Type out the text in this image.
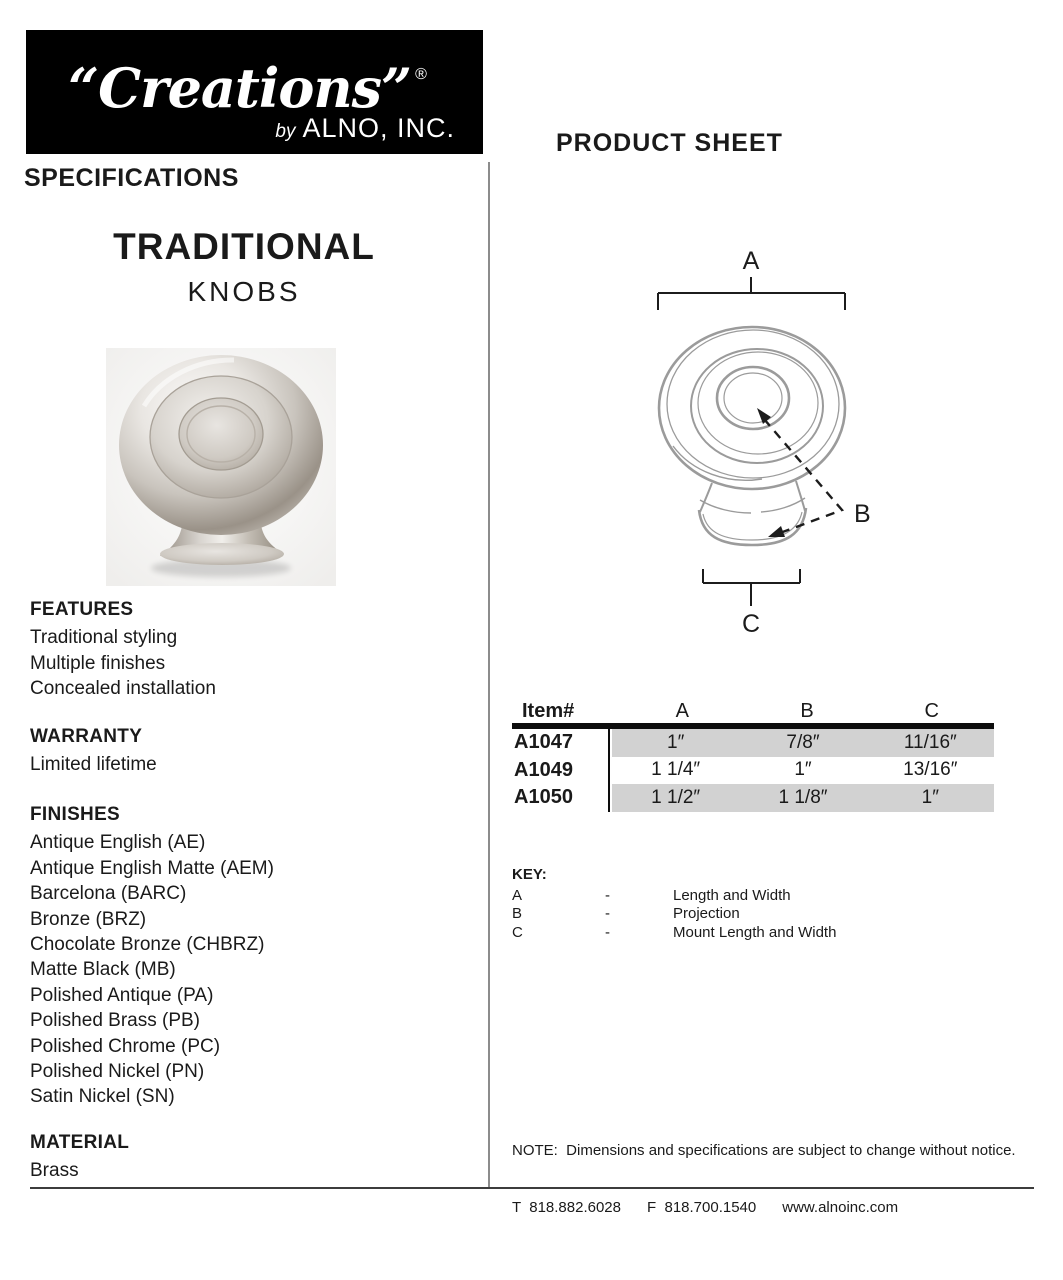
“Creations” ®
by ALNO, INC.
SPECIFICATIONS
PRODUCT SHEET
TRADITIONAL
KNOBS
FEATURES
Traditional styling
Multiple finishes
Concealed installation
WARRANTY
Limited lifetime
FINISHES
Antique English (AE)
Antique English Matte (AEM)
Barcelona (BARC)
Bronze (BRZ)
Chocolate Bronze (CHBRZ)
Matte Black (MB)
Polished Antique (PA)
Polished Brass (PB)
Polished Chrome (PC)
Polished Nickel (PN)
Satin Nickel (SN)
MATERIAL
Brass
A
B
C
Item#	A	B	C
A1047	1″	7/8″	11/16″
A1049	1 1/4″	1″	13/16″
A1050	1 1/2″	1 1/8″	1″
KEY:
A	-	Length and Width
B	-	Projection
C	-	Mount Length and Width
NOTE:  Dimensions and specifications are subject to change without notice.
T  818.882.6028 F  818.700.1540 www.alnoinc.com
